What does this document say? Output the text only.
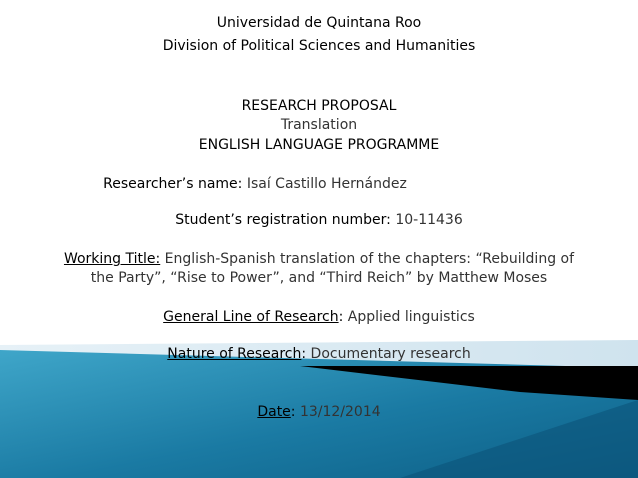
Universidad de Quintana Roo
Division of Political Sciences and Humanities
RESEARCH PROPOSAL
Translation
ENGLISH LANGUAGE PROGRAMME
Researcher’s name: Isaí Castillo Hernández
Student’s registration number: 10-11436
Working Title: English-Spanish translation of the chapters: “Rebuilding of
the Party”, “Rise to Power”, and “Third Reich” by Matthew Moses
General Line of Research: Applied linguistics
Nature of Research: Documentary research
Date: 13/12/2014
